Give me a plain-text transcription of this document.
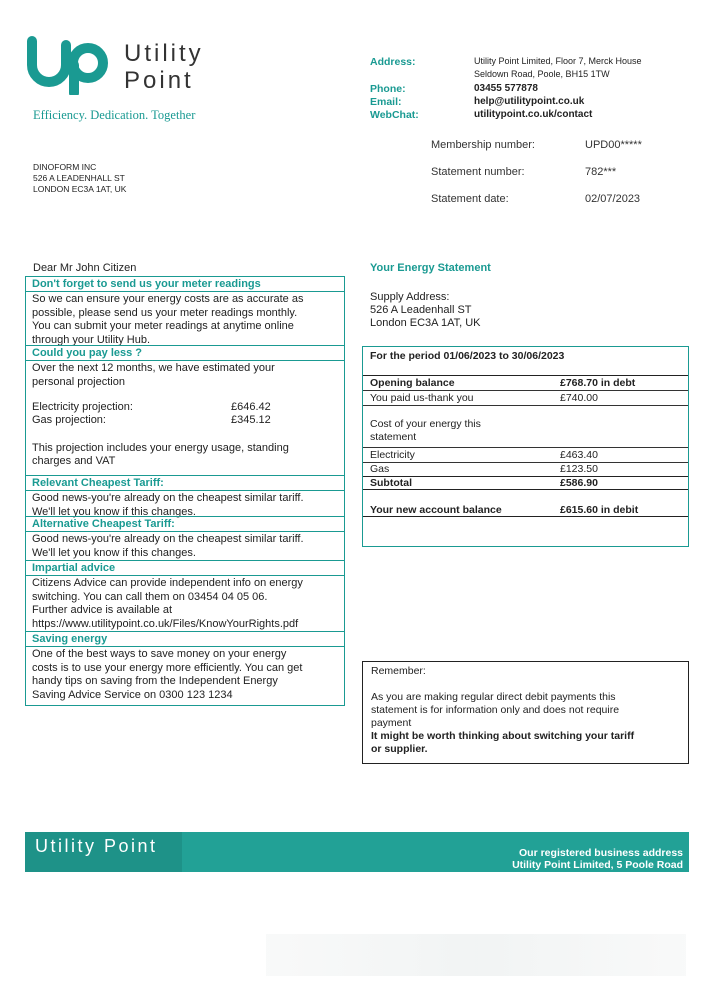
Utility
Point
Efficiency. Dedication. Together
Address:	Utility Point Limited, Floor 7, Merck House
Seldown Road, Poole, BH15 1TW
Phone:	03455 577878
Email:	help@utilitypoint.co.uk
WebChat:	utilitypoint.co.uk/contact
DINOFORM INC
526 A LEADENHALL ST
LONDON EC3A 1AT, UK
Membership number:	UPD00*****
Statement number:	782***
Statement date:	02/07/2023
Dear Mr John Citizen
Don't forget to send us your meter readings

So we can ensure your energy costs are as accurate as

possible, please send us your meter readings monthly.

You can submit your meter readings at anytime online

through your Utility Hub.

Could you pay less ?

Over the next 12 months, we have estimated your

personal projection

Electricity projection:	£646.42
Gas projection:	£345.12
This projection includes your energy usage, standing
charges and VAT
Relevant Cheapest Tariff:

Good news-you're already on the cheapest similar tariff.

We'll let you know if this changes.

Alternative Cheapest Tariff:

Good news-you're already on the cheapest similar tariff.

We'll let you know if this changes.

Impartial advice

Citizens Advice can provide independent info on energy

switching. You can call them on 03454 04 05 06.

Further advice is available at

https://www.utilitypoint.co.uk/Files/KnowYourRights.pdf

Saving energy

One of the best ways to save money on your energy

costs is to use your energy more efficiently. You can get

handy tips on saving from the Independent Energy

Saving Advice Service on 0300 123 1234

Your Energy Statement
Supply Address:
526 A Leadenhall ST
London EC3A 1AT, UK
For the period 01/06/2023 to 30/06/2023
Opening balance	£768.70 in debt
You paid us-thank you	£740.00
Cost of your energy this
statement
Electricity	£463.40
Gas	£123.50
Subtotal	£586.90
Your new account balance	£615.60 in debit

Remember:

As you are making regular direct debit payments this

statement is for information only and does not require

payment

It might be worth thinking about switching your tariff

or supplier.

Utility Point	Our registered business address
Utility Point Limited, 5 Poole Road
